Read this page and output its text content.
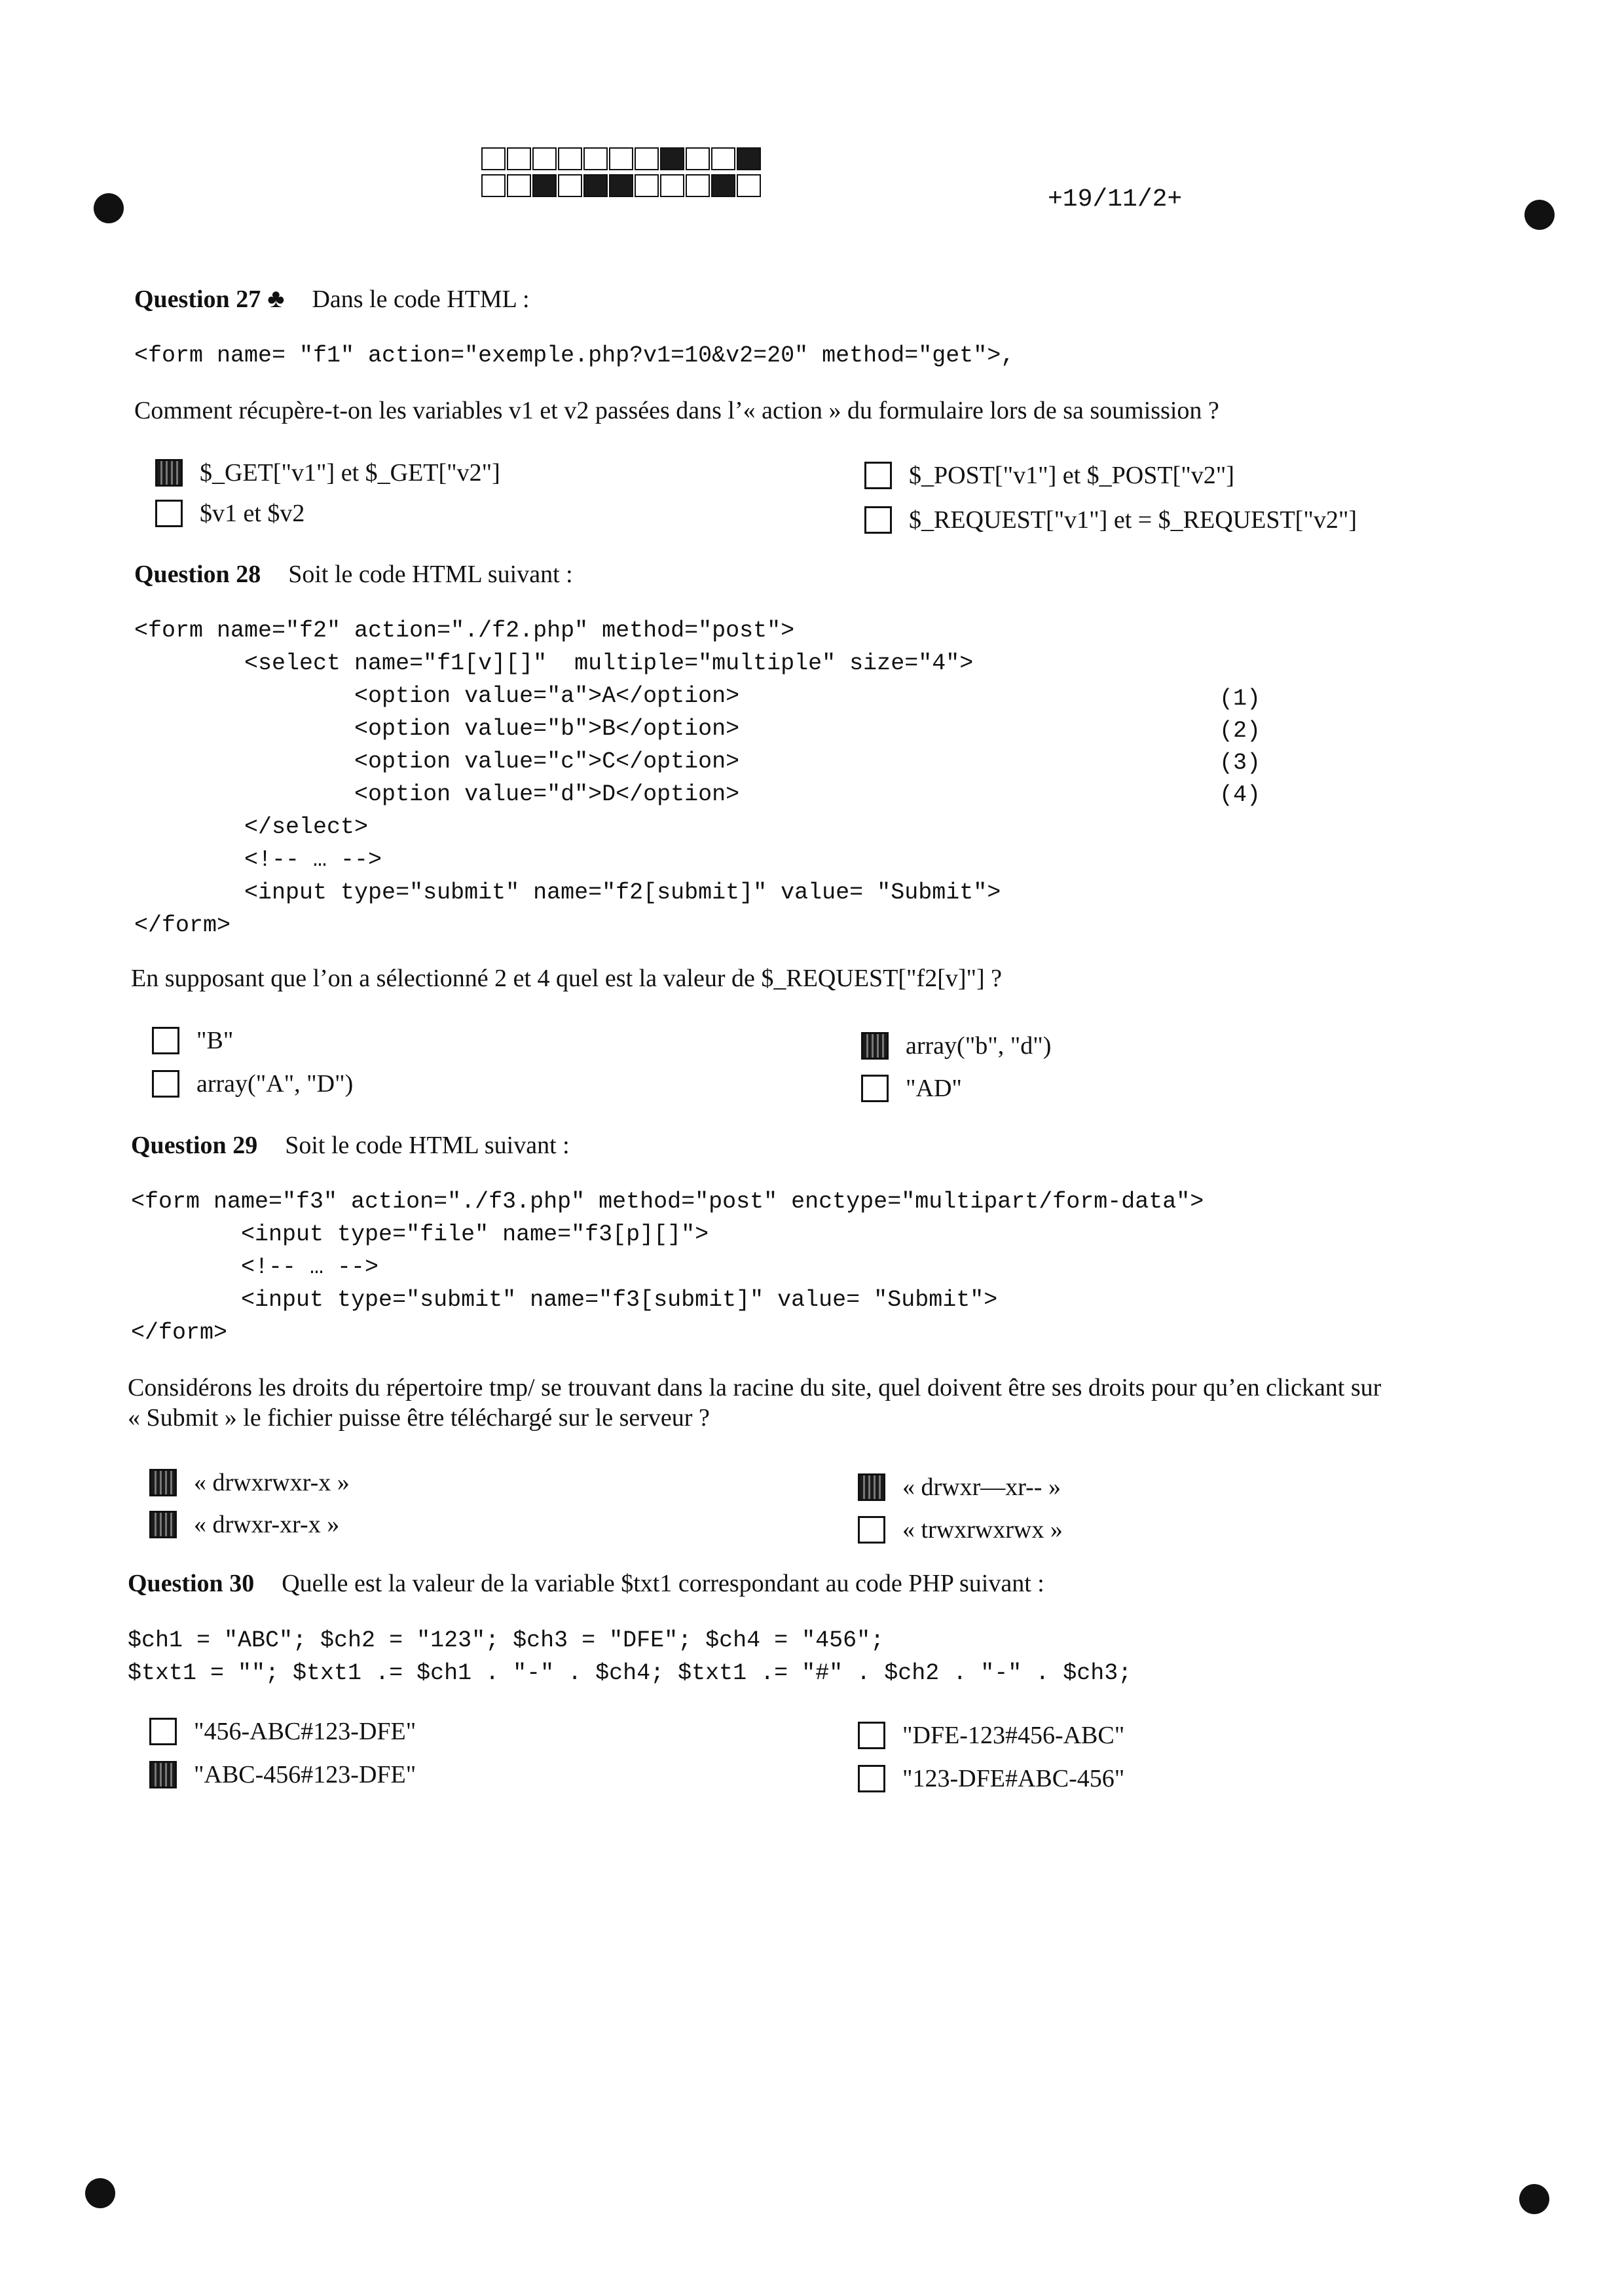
+19/11/2+
Question 27 ♣ Dans le code HTML :
<form name= "f1" action="exemple.php?v1=10&v2=20" method="get">,
Comment récupère-t-on les variables v1 et v2 passées dans l’« action » du formulaire lors de sa soumission ?
$_GET["v1"] et $_GET["v2"]
$v1 et $v2
$_POST["v1"] et $_POST["v2"]
$_REQUEST["v1"] et = $_REQUEST["v2"]
Question 28 Soit le code HTML suivant :
<form name="f2" action="./f2.php" method="post">
<select name="f1[v][]"  multiple="multiple" size="4">
<option value="a">A</option>
<option value="b">B</option>
<option value="c">C</option>
<option value="d">D</option>
</select>
<!-- … -->
<input type="submit" name="f2[submit]" value= "Submit">
</form>
(1)
(2)
(3)
(4)
En supposant que l’on a sélectionné 2 et 4 quel est la valeur de $_REQUEST["f2[v]"] ?
"B"
array("A", "D")
array("b", "d")
"AD"
Question 29 Soit le code HTML suivant :
<form name="f3" action="./f3.php" method="post" enctype="multipart/form-data">
<input type="file" name="f3[p][]">
<!-- … -->
<input type="submit" name="f3[submit]" value= "Submit">
</form>
Considérons les droits du répertoire tmp/ se trouvant dans la racine du site, quel doivent être ses droits pour qu’en clickant sur
« Submit » le fichier puisse être téléchargé sur le serveur ?
« drwxrwxr-x »
« drwxr-xr-x »
« drwxr—xr-- »
« trwxrwxrwx »
Question 30 Quelle est la valeur de la variable $txt1 correspondant au code PHP suivant :
$ch1 = "ABC"; $ch2 = "123"; $ch3 = "DFE"; $ch4 = "456";
$txt1 = ""; $txt1 .= $ch1 . "-" . $ch4; $txt1 .= "#" . $ch2 . "-" . $ch3;
"456-ABC#123-DFE"
"ABC-456#123-DFE"
"DFE-123#456-ABC"
"123-DFE#ABC-456"
